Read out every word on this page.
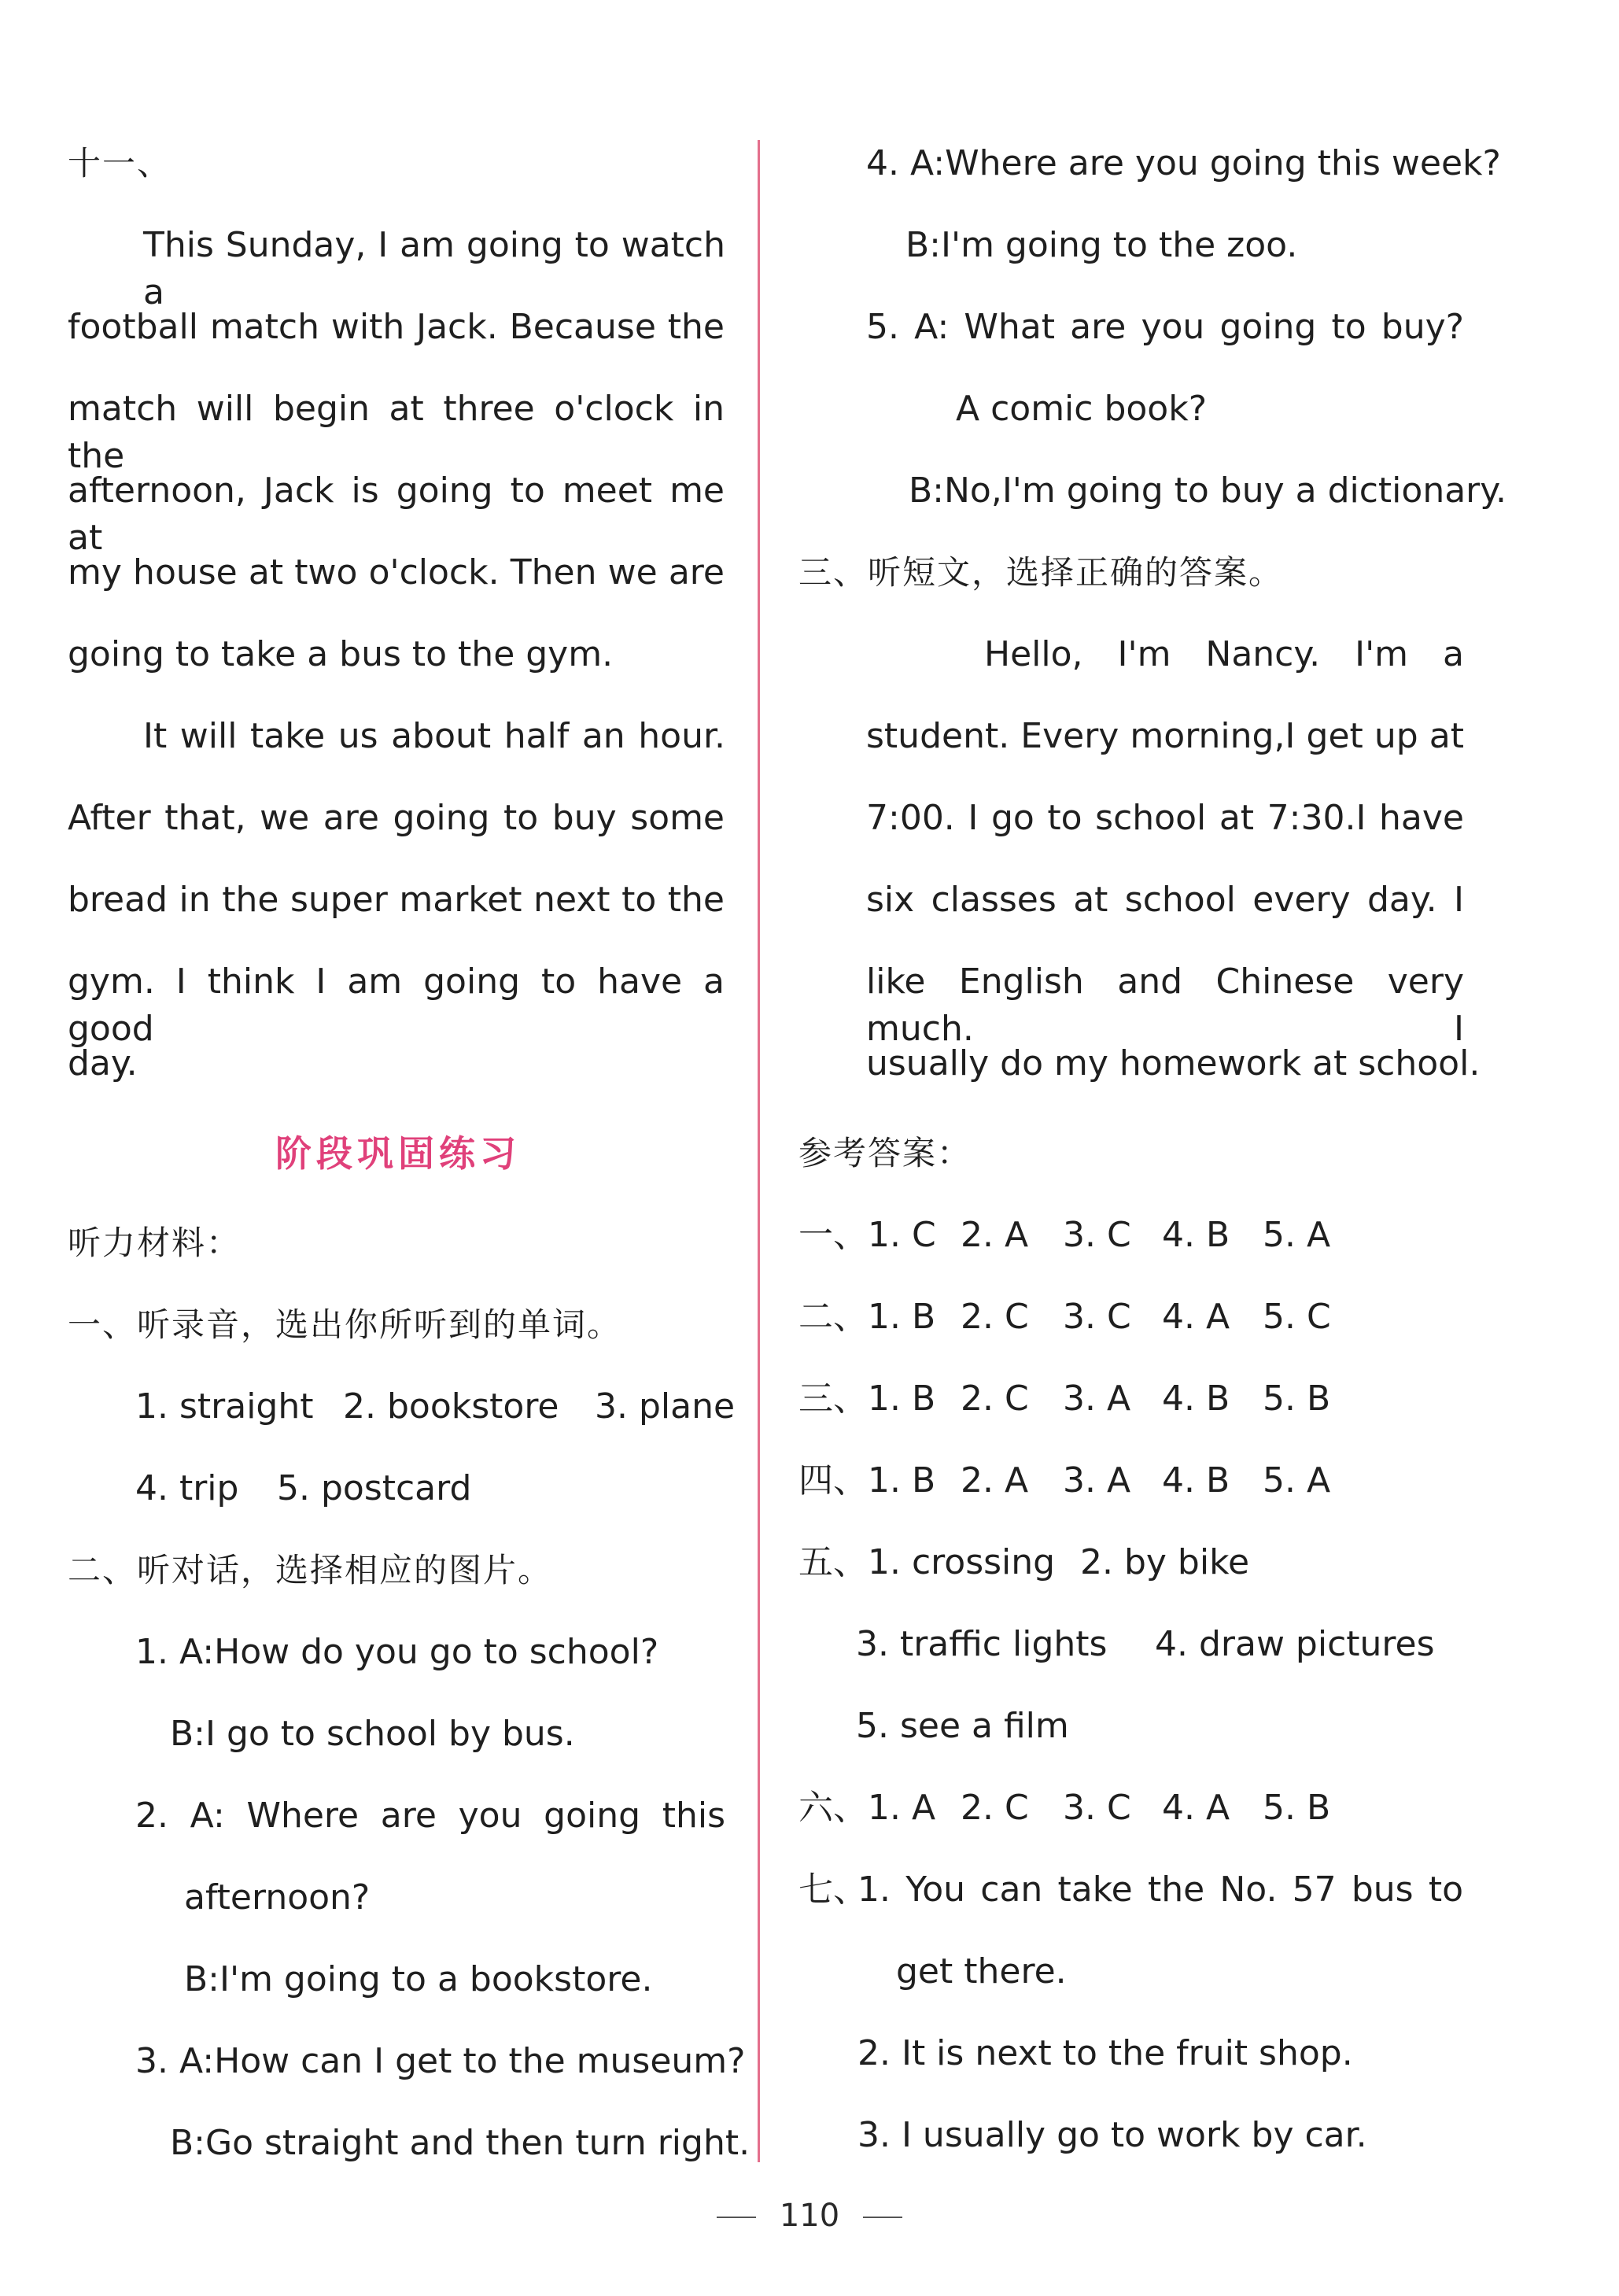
十一、
This Sunday, I am going to watch a
football match with Jack. Because the
match will begin at three o'clock in the
afternoon, Jack is going to meet me at
my house at two o'clock. Then we are
going to take a bus to the gym.
It will take us about half an hour.
After that, we are going to buy some
bread in the super market next to the
gym. I think I am going to have a good
day.
阶段巩固练习
听力材料：
一、听录音，选出你所听到的单词。
1. straight 2. bookstore 3. plane
4. trip 5. postcard
二、听对话，选择相应的图片。
1. A:How do you go to school?
B:I go to school by bus.
2. A: Where are you going this
afternoon?
B:I'm going to a bookstore.
3. A:How can I get to the museum?
B:Go straight and then turn right.
4. A:Where are you going this week?
B:I'm going to the zoo.
5. A: What are you going to buy?
A comic book?
B:No,I'm going to buy a dictionary.
三、听短文，选择正确的答案。
Hello, I'm Nancy. I'm a
student. Every morning,I get up at
7:00. I go to school at 7:30.I have
six classes at school every day. I
like English and Chinese very much. I
usually do my homework at school.
参考答案：
一、1. C 2. A 3. C 4. B 5. A
二、1. B 2. C 3. C 4. A 5. C
三、1. B 2. C 3. A 4. B 5. B
四、1. B 2. A 3. A 4. B 5. A
五、1. crossing 2. by bike
3. traffic lights 4. draw pictures
5. see a film
六、1. A 2. C 3. C 4. A 5. B
七、
1. You can take the No. 57 bus to
get there.
2. It is next to the fruit shop.
3. I usually go to work by car.
110
